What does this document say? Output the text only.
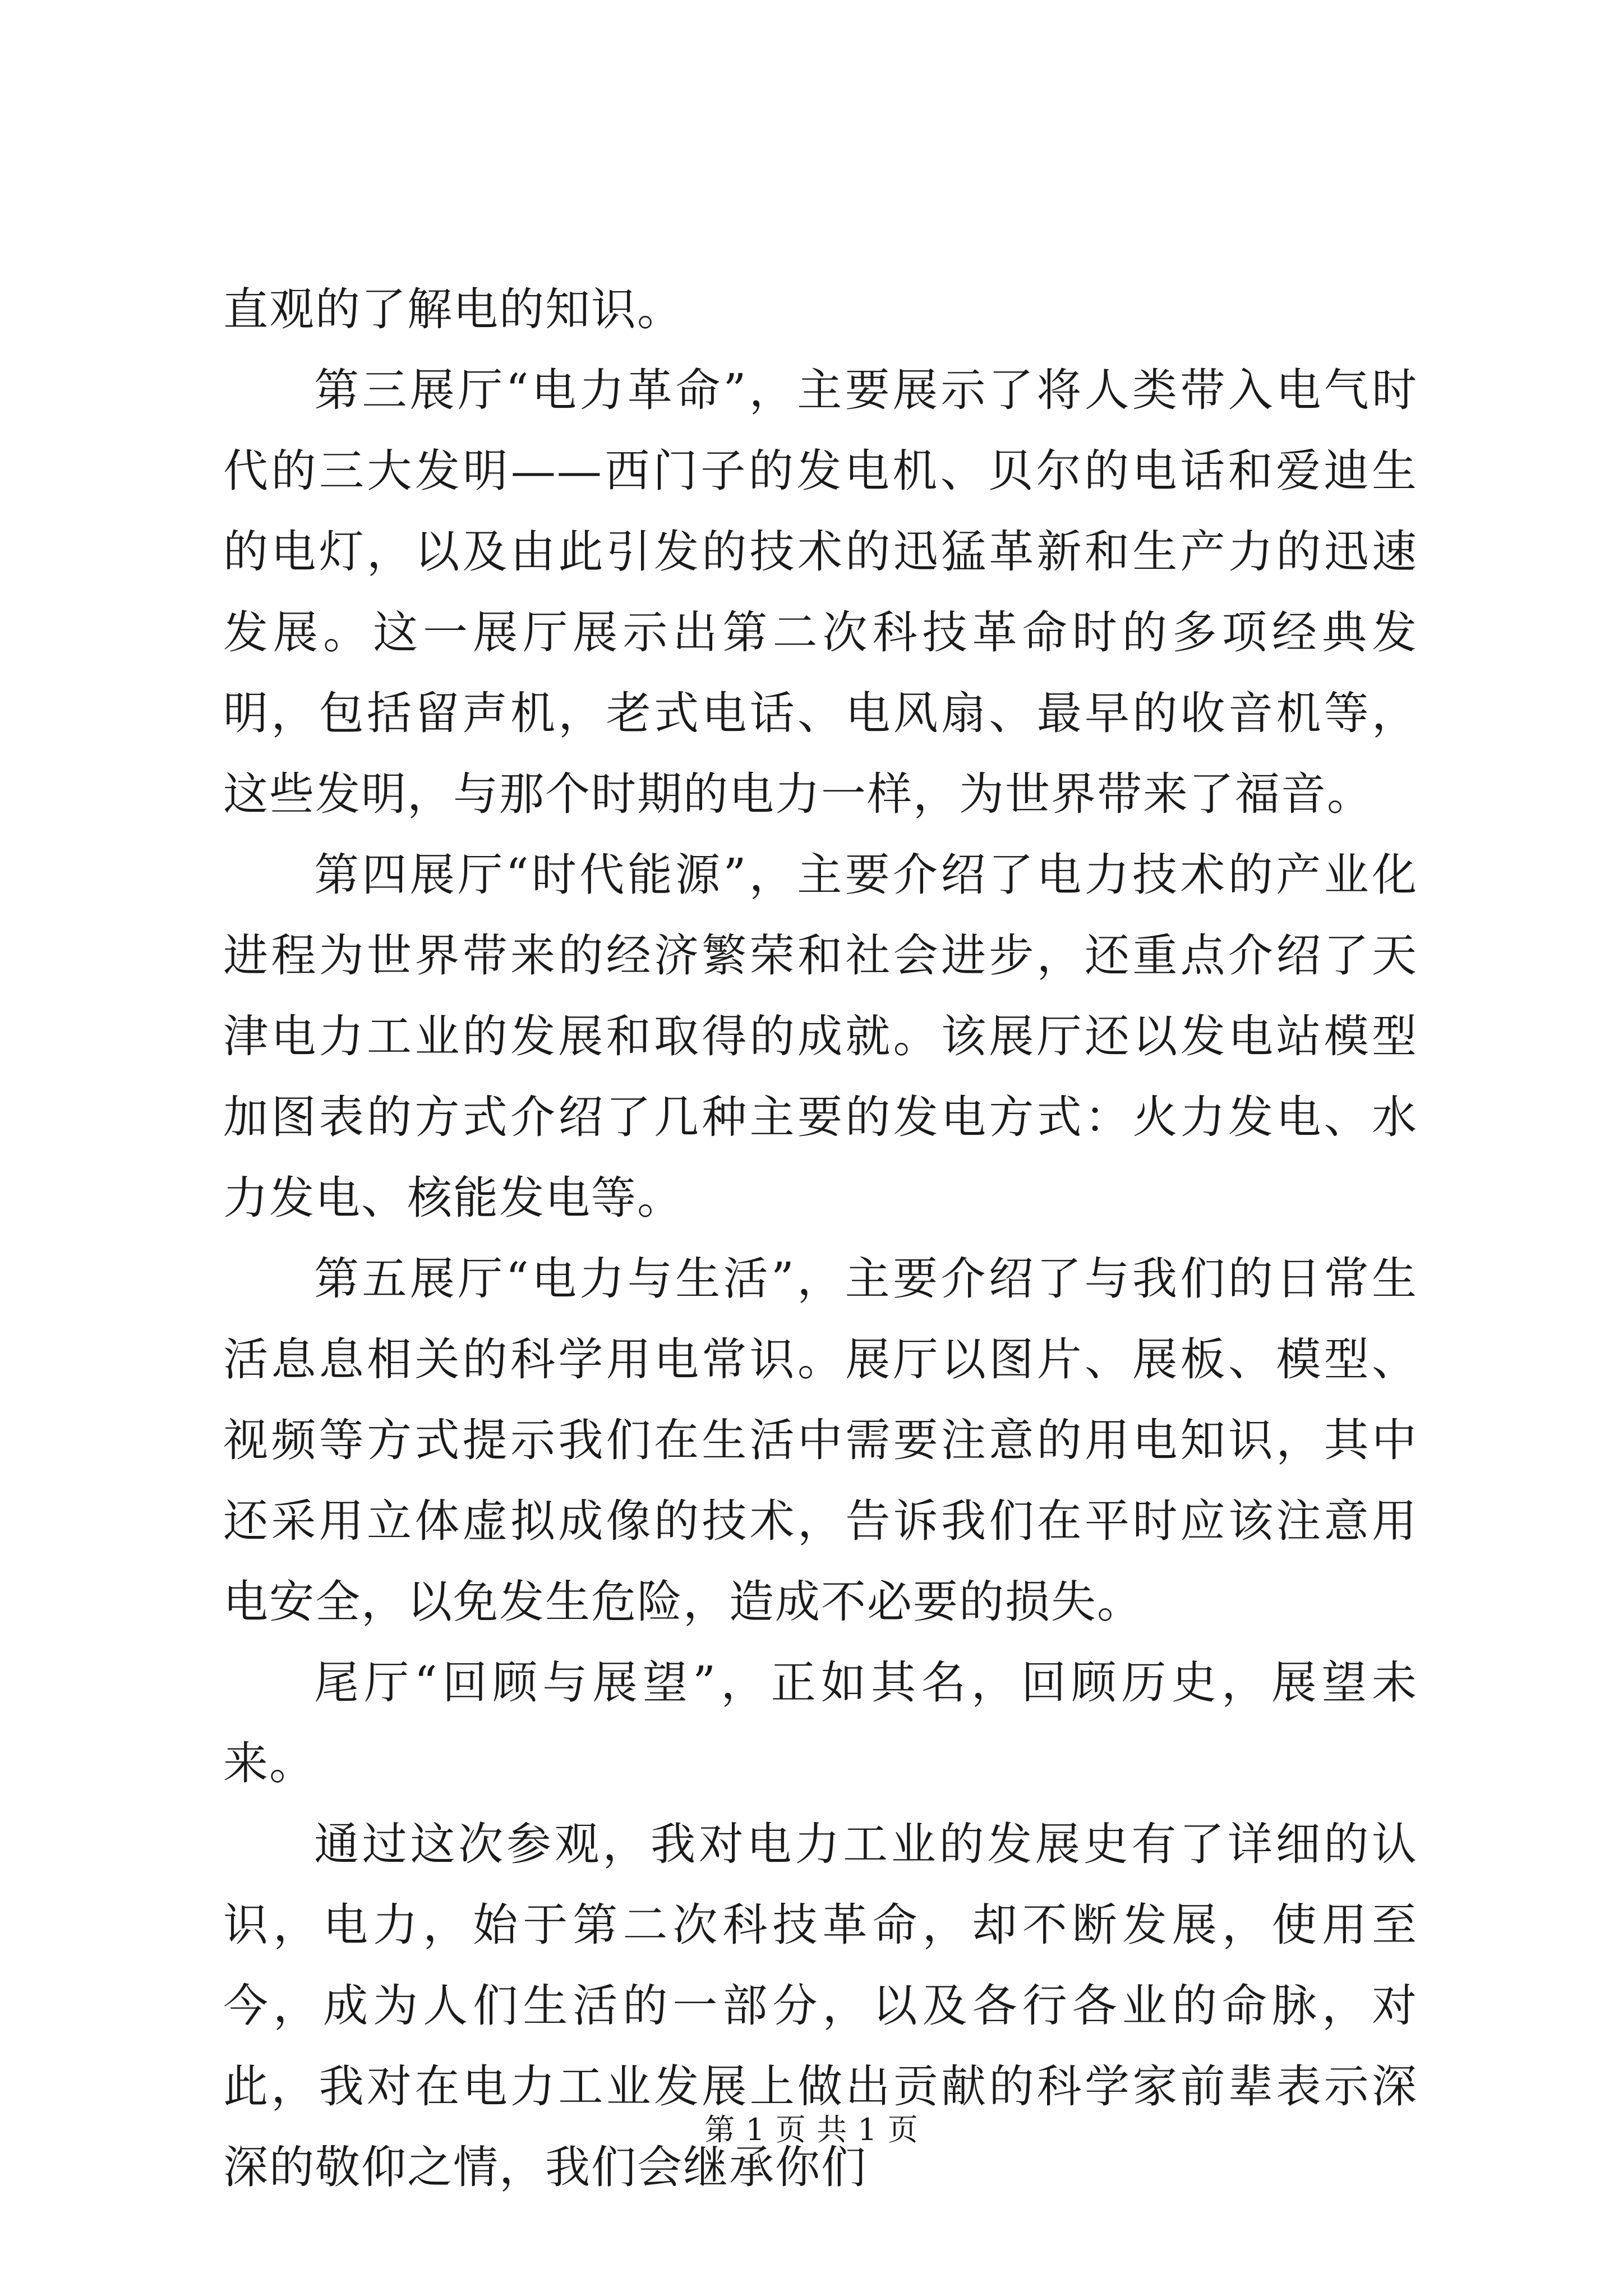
直观的了解电的知识。

第三展厅“电力革命”，主要展示了将人类带入电气时代的三大发明——西门子的发电机、贝尔的电话和爱迪生的电灯，以及由此引发的技术的迅猛革新和生产力的迅速发展。这一展厅展示出第二次科技革命时的多项经典发明，包括留声机，老式电话、电风扇、最早的收音机等，这些发明，与那个时期的电力一样，为世界带来了福音。

第四展厅“时代能源”，主要介绍了电力技术的产业化进程为世界带来的经济繁荣和社会进步，还重点介绍了天津电力工业的发展和取得的成就。该展厅还以发电站模型加图表的方式介绍了几种主要的发电方式：火力发电、水力发电、核能发电等。

第五展厅“电力与生活”，主要介绍了与我们的日常生活息息相关的科学用电常识。展厅以图片、展板、模型、视频等方式提示我们在生活中需要注意的用电知识，其中还采用立体虚拟成像的技术，告诉我们在平时应该注意用电安全，以免发生危险，造成不必要的损失。

尾厅“回顾与展望”，正如其名，回顾历史，展望未来。

通过这次参观，我对电力工业的发展史有了详细的认识，电力，始于第二次科技革命，却不断发展，使用至今，成为人们生活的一部分，以及各行各业的命脉，对此，我对在电力工业发展上做出贡献的科学家前辈表示深深的敬仰之情，我们会继承你们

第 1 页 共 1 页
